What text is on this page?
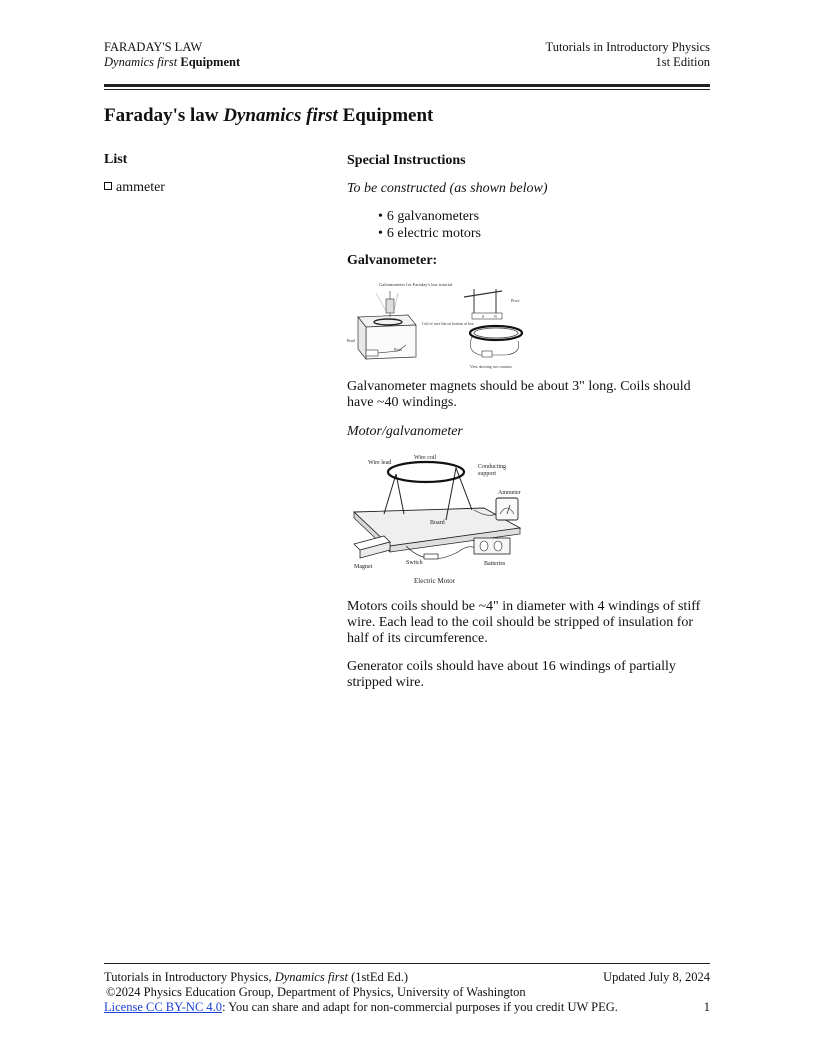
FARADAY'S LAW
Dynamics first Equipment
Tutorials in Introductory Physics
1st Edition
Faraday's law Dynamics first Equipment
List
ammeter
Special Instructions
To be constructed (as shown below)
• 6 galvanometers
• 6 electric motors
Galvanometer:
Galvanometer for Faraday's law tutorial
Brad
Brad
Coil of wire flat on bottom of box
S N
Pivot
View showing two contacts
Galvanometer magnets should be about 3" long. Coils should have ~40 windings.
Motor/galvanometer
Wire lead
Wire coil
Conducting
support
Ammeter
Board
Switch	Batteries
Magnet
Electric Motor
Motors coils should be ~4" in diameter with 4 windings of stiff wire. Each lead to the coil should be stripped of insulation for half of its circumference.
Generator coils should have about 16 windings of partially stripped wire.
Tutorials in Introductory Physics, Dynamics first (1stEd Ed.)	Updated July 8, 2024
©2024 Physics Education Group, Department of Physics, University of Washington
License CC BY-NC 4.0: You can share and adapt for non-commercial purposes if you credit UW PEG.	1
